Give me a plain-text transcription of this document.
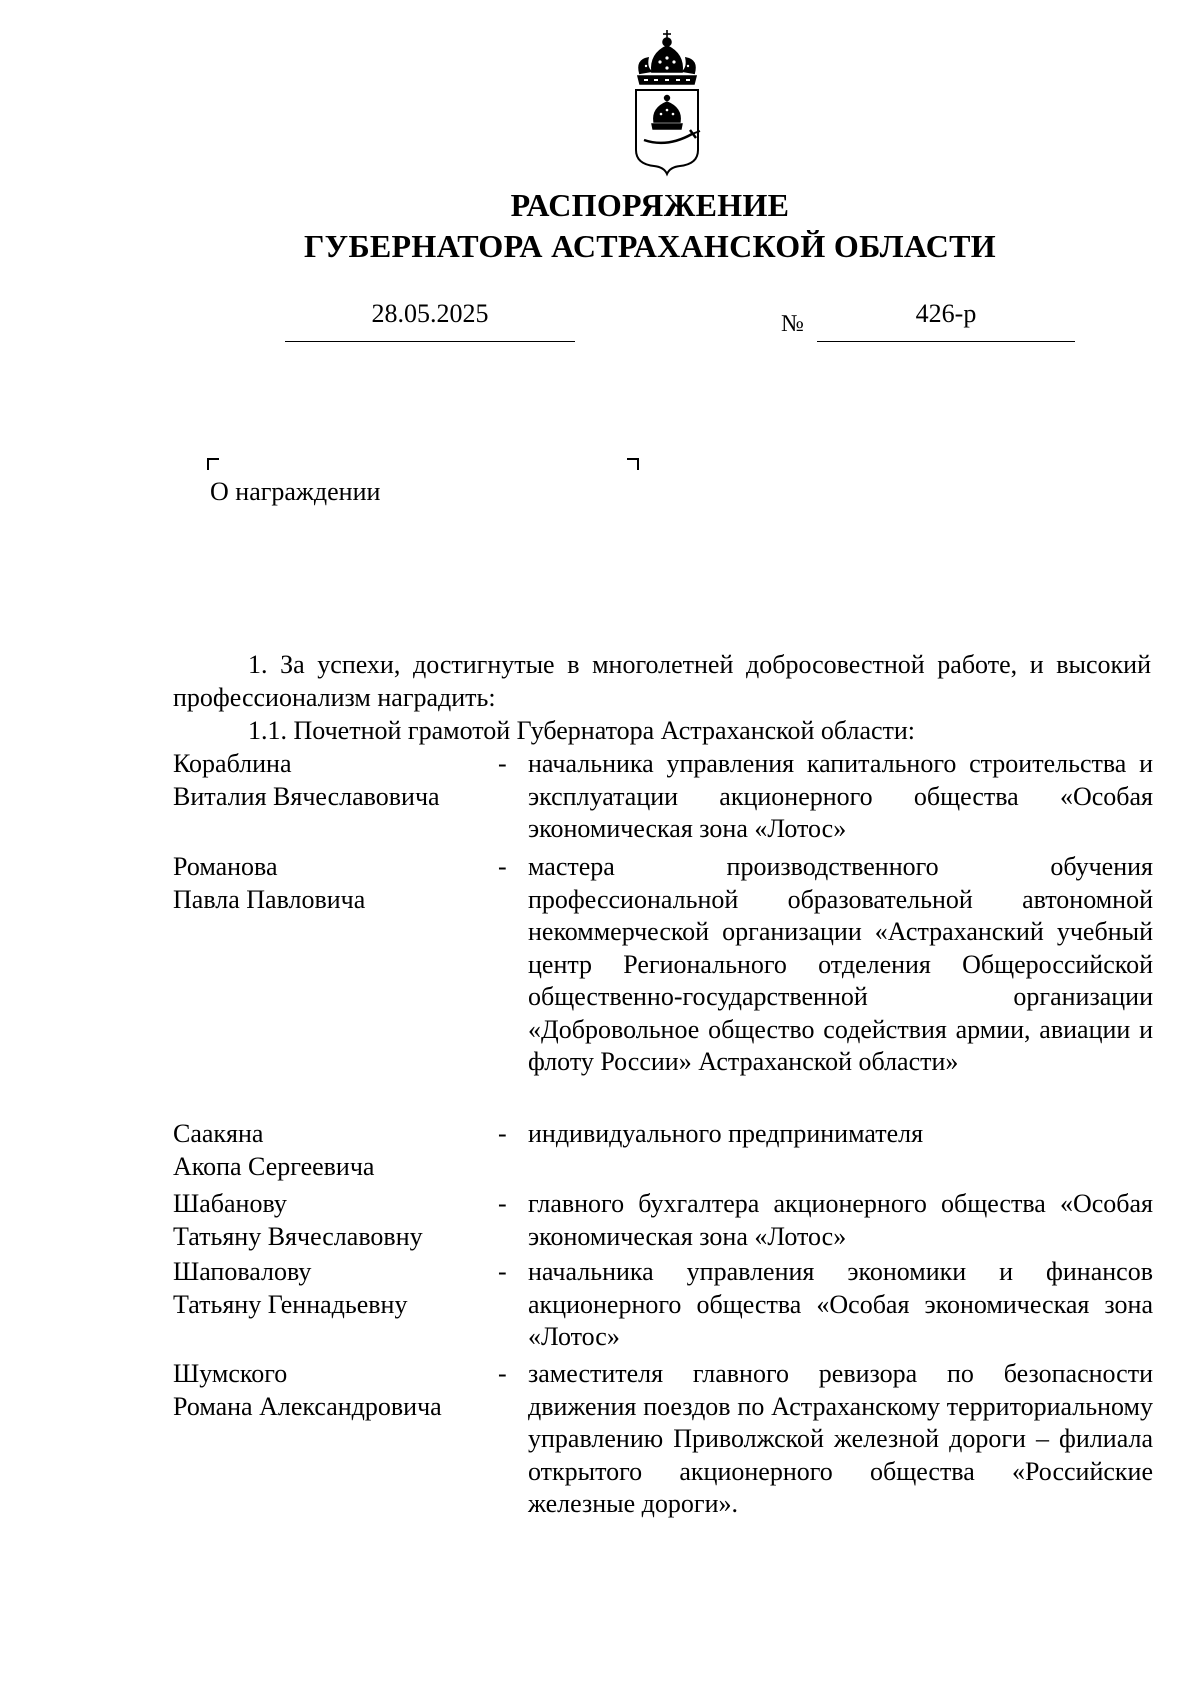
РАСПОРЯЖЕНИЕ
ГУБЕРНАТОРА АСТРАХАНСКОЙ ОБЛАСТИ
28.05.2025	№	426-р
О награждении
1. За успехи, достигнутые в многолетней добросовестной работе, и высокий профессионализм наградить:
1.1. Почетной грамотой Губернатора Астраханской области:
Кораблина
Виталия Вячеславовича
- начальника управления капитального строительства и эксплуатации акционерного общества «Особая экономическая зона «Лотос»
Романова
Павла Павловича
- мастера производственного обучения профессиональной образовательной автономной некоммерческой организации «Астраханский учебный центр Регионального отделения Общероссийской общественно-государственной организации «Добровольное общество содействия армии, авиации и флоту России» Астраханской области»
Саакяна
Акопа Сергеевича
- индивидуального предпринимателя
Шабанову
Татьяну Вячеславовну
- главного бухгалтера акционерного общества «Особая экономическая зона «Лотос»
Шаповалову
Татьяну Геннадьевну
- начальника управления экономики и финансов акционерного общества «Особая экономическая зона «Лотос»
Шумского
Романа Александровича
- заместителя главного ревизора по безопасности движения поездов по Астраханскому территориальному управлению Приволжской железной дороги – филиала открытого акционерного общества «Российские железные дороги».
